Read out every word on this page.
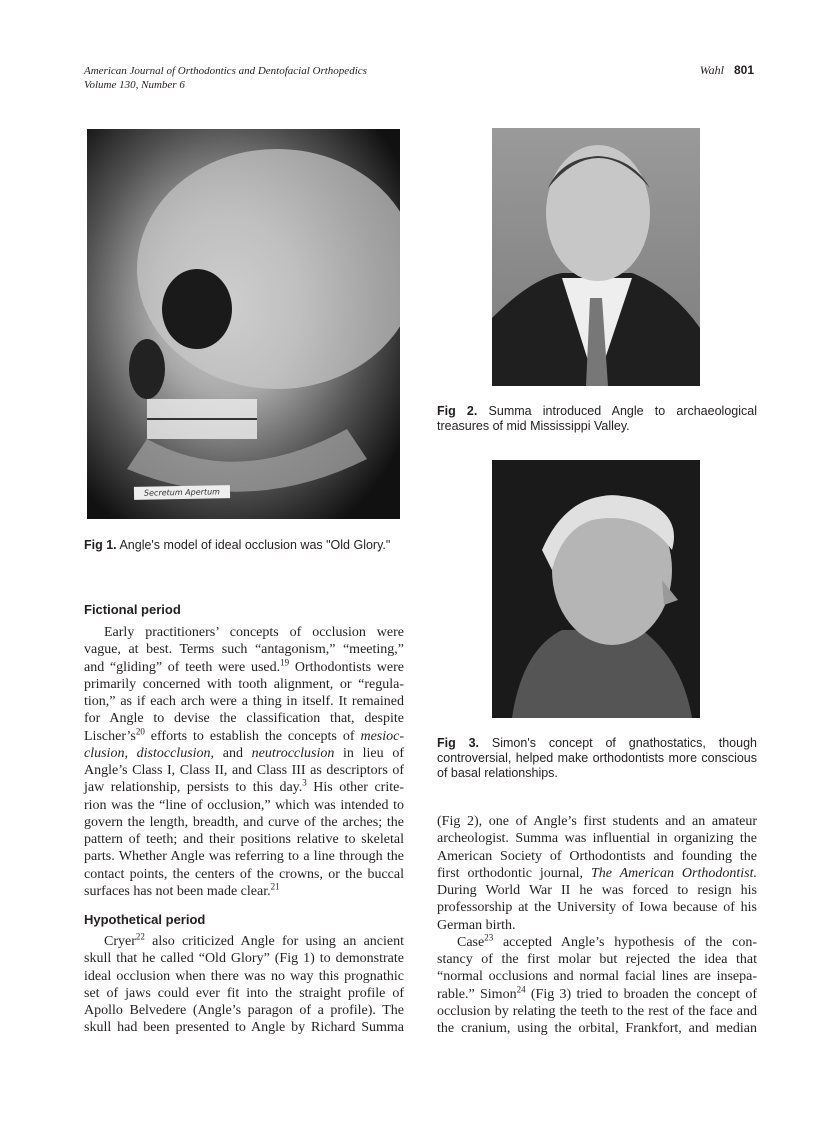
American Journal of Orthodontics and Dentofacial Orthopedics
Volume 130, Number 6
Wahl 801
Secretum Apertum
Fig 1. Angle's model of ideal occlusion was "Old Glory."
Fig 2. Summa introduced Angle to archaeological treasures of mid Mississippi Valley.
Fig 3. Simon's concept of gnathostatics, though controversial, helped make orthodontists more conscious of basal relationships.
Fictional period
Early practitioners’ concepts of occlusion were
vague, at best. Terms such “antagonism,” “meeting,”
and “gliding” of teeth were used.$^{19}$ Orthodontists were
primarily concerned with tooth alignment, or “regula-
tion,” as if each arch were a thing in itself. It remained
for Angle to devise the classification that, despite
$Lischer’s^{20}$ efforts to establish the concepts of mesioc-
clusion, distocclusion, and neutrocclusion in lieu of
Angle’s Class I, Class II, and Class III as descriptors of
jaw relationship, persists to this day.$^3$ His other crite-
rion was the “line of occlusion,” which was intended to
govern the length, breadth, and curve of the arches; the
pattern of teeth; and their positions relative to skeletal
parts. Whether Angle was referring to a line through the
contact points, the centers of the crowns, or the buccal
surfaces has not been made clear.$^{21}$
Hypothetical period
Cryer$^{22}$ also criticized Angle for using an ancient
skull that he called “Old Glory” (Fig 1) to demonstrate
ideal occlusion when there was no way this prognathic
set of jaws could ever fit into the straight profile of
Apollo Belvedere (Angle’s paragon of a profile). The
skull had been presented to Angle by Richard Summa
(Fig 2), one of Angle’s first students and an amateur
archeologist. Summa was influential in organizing the
American Society of Orthodontists and founding the
first orthodontic journal, The American Orthodontist.
During World War II he was forced to resign his
professorship at the University of Iowa because of his
German birth.
Case$^{23}$ accepted Angle’s hypothesis of the con-
stancy of the first molar but rejected the idea that
“normal occlusions and normal facial lines are insepa-
rable.” Simon$^{24}$ (Fig 3) tried to broaden the concept of
occlusion by relating the teeth to the rest of the face and
the cranium, using the orbital, Frankfort, and median
